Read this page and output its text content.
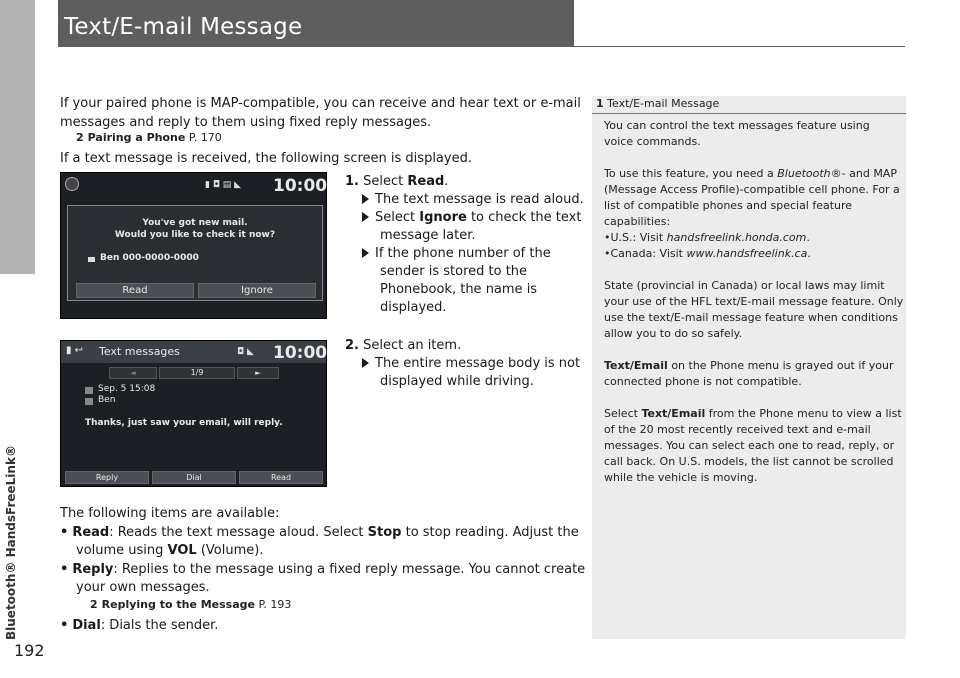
Bluetooth® HandsFreeLink®
192
Text/E-mail Message
If your paired phone is MAP-compatible, you can receive and hear text or e-mail
messages and reply to them using fixed reply messages.
2 Pairing a Phone P. 170
If a text message is received, the following screen is displayed.
▮ ◘ ▤ ◣ 10:00
You've got new mail.
Would you like to check it now?
Ben 000-0000-0000
Read	Ignore
1. Select Read.
The text message is read aloud.
Select Ignore to check the text
message later.
If the phone number of the
sender is stored to the
Phonebook, the name is
displayed.
▮ ↩ Text messages	◘ ◣ 10:00
◄	1/9	►
Sep. 5 15:08
Ben
Thanks, just saw your email, will reply.
Reply	Dial	Read
2. Select an item.
The entire message body is not
displayed while driving.
The following items are available:
• Read: Reads the text message aloud. Select Stop to stop reading. Adjust the
volume using VOL (Volume).
• Reply: Replies to the message using a fixed reply message. You cannot create
your own messages.
2 Replying to the Message P. 193
• Dial: Dials the sender.
1 Text/E-mail Message
You can control the text messages feature using
voice commands.
To use this feature, you need a Bluetooth®- and MAP
(Message Access Profile)-compatible cell phone. For a
list of compatible phones and special feature
capabilities:
•U.S.: Visit handsfreelink.honda.com.
•Canada: Visit www.handsfreelink.ca.
State (provincial in Canada) or local laws may limit
your use of the HFL text/E-mail message feature. Only
use the text/E-mail message feature when conditions
allow you to do so safely.
Text/Email on the Phone menu is grayed out if your
connected phone is not compatible.
Select Text/Email from the Phone menu to view a list
of the 20 most recently received text and e-mail
messages. You can select each one to read, reply, or
call back. On U.S. models, the list cannot be scrolled
while the vehicle is moving.
